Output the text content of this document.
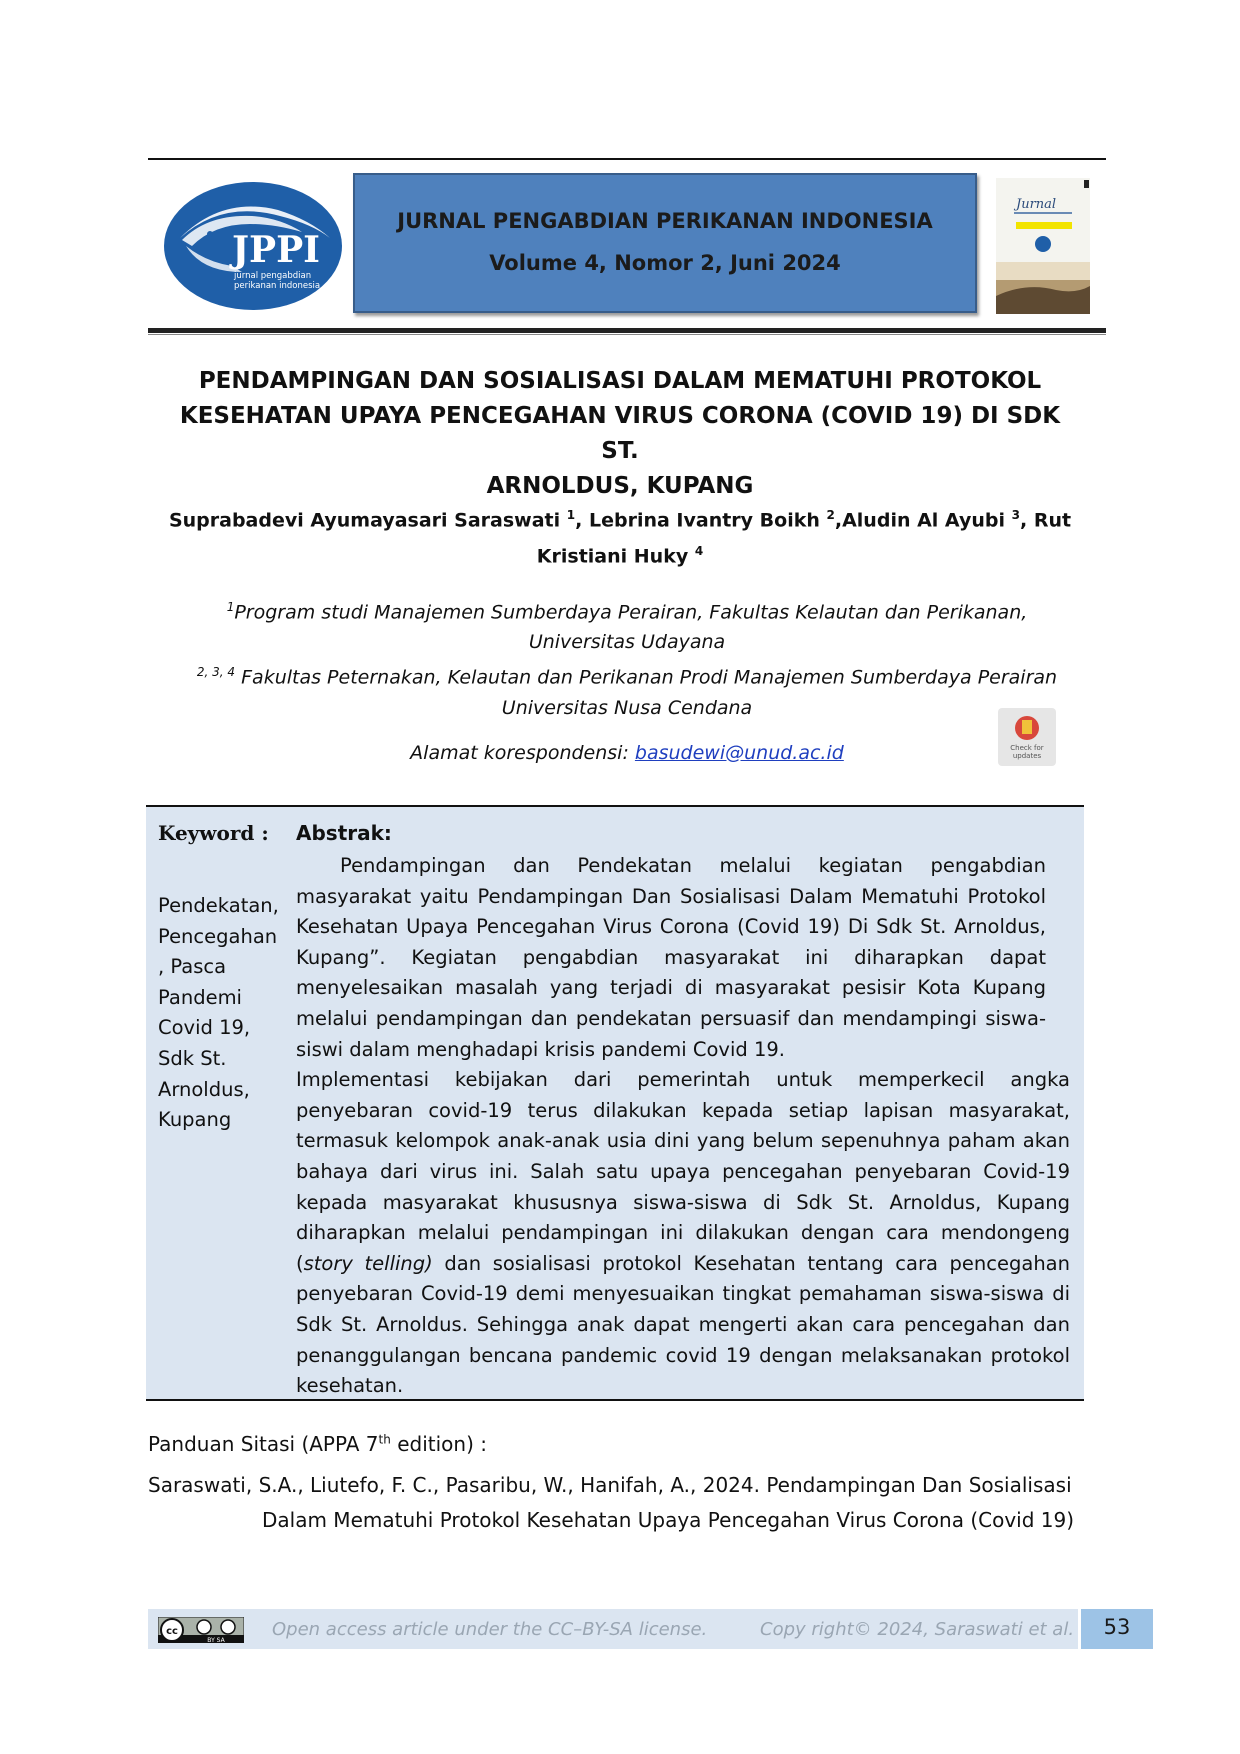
JPPI
jurnal pengabdian
perikanan indonesia
JURNAL PENGABDIAN PERIKANAN INDONESIA
Volume 4, Nomor 2, Juni 2024
Jurnal
PENDAMPINGAN DAN SOSIALISASI DALAM MEMATUHI PROTOKOL
KESEHATAN UPAYA PENCEGAHAN VIRUS CORONA (COVID 19) DI SDK ST.
ARNOLDUS, KUPANG
Suprabadevi Ayumayasari Saraswati $^1$, Lebrina Ivantry Boikh $^2$,Aludin Al Ayubi $^3$, Rut
Kristiani Huky $^4$
$^1$Program studi Manajemen Sumberdaya Perairan, Fakultas Kelautan dan Perikanan,
Universitas Udayana
$^{2, 3, 4}$ Fakultas Peternakan, Kelautan dan Perikanan Prodi Manajemen Sumberdaya Perairan
Universitas Nusa Cendana
Alamat korespondensi: basudewi@unud.ac.id	Check for
updates
Keyword :
Pendekatan,
Pencegahan
, Pasca
Pandemi
Covid 19,
Sdk St.
Arnoldus,
Kupang
Abstrak:

Pendampingan dan Pendekatan melalui kegiatan pengabdian masyarakat yaitu Pendampingan Dan Sosialisasi Dalam Mematuhi Protokol Kesehatan Upaya Pencegahan Virus Corona (Covid 19) Di Sdk St. Arnoldus, Kupang”. Kegiatan pengabdian masyarakat ini diharapkan dapat menyelesaikan masalah yang terjadi di masyarakat pesisir Kota Kupang melalui pendampingan dan pendekatan persuasif dan mendampingi siswa-siswi dalam menghadapi krisis pandemi Covid 19.

Implementasi kebijakan dari pemerintah untuk memperkecil angka penyebaran covid-19 terus dilakukan kepada setiap lapisan masyarakat, termasuk kelompok anak-anak usia dini yang belum sepenuhnya paham akan bahaya dari virus ini. Salah satu upaya pencegahan penyebaran Covid-19 kepada masyarakat khususnya siswa-siswa di Sdk St. Arnoldus, Kupang diharapkan melalui pendampingan ini dilakukan dengan cara mendongeng (story telling) dan sosialisasi protokol Kesehatan tentang cara pencegahan penyebaran Covid-19 demi menyesuaikan tingkat pemahaman siswa-siswa di Sdk St. Arnoldus. Sehingga anak dapat mengerti akan cara pencegahan dan penanggulangan bencana pandemic covid 19 dengan melaksanakan protokol kesehatan.

Panduan Sitasi (APPA 7th edition) :
Saraswati, S.A., Liutefo, F. C., Pasaribu, W., Hanifah, A., 2024. Pendampingan Dan Sosialisasi
Dalam Mematuhi Protokol Kesehatan Upaya Pencegahan Virus Corona (Covid 19)
cc
BY SA
Open access article under the CC–BY-SA license.	Copy right© 2024, Saraswati et al.	53
